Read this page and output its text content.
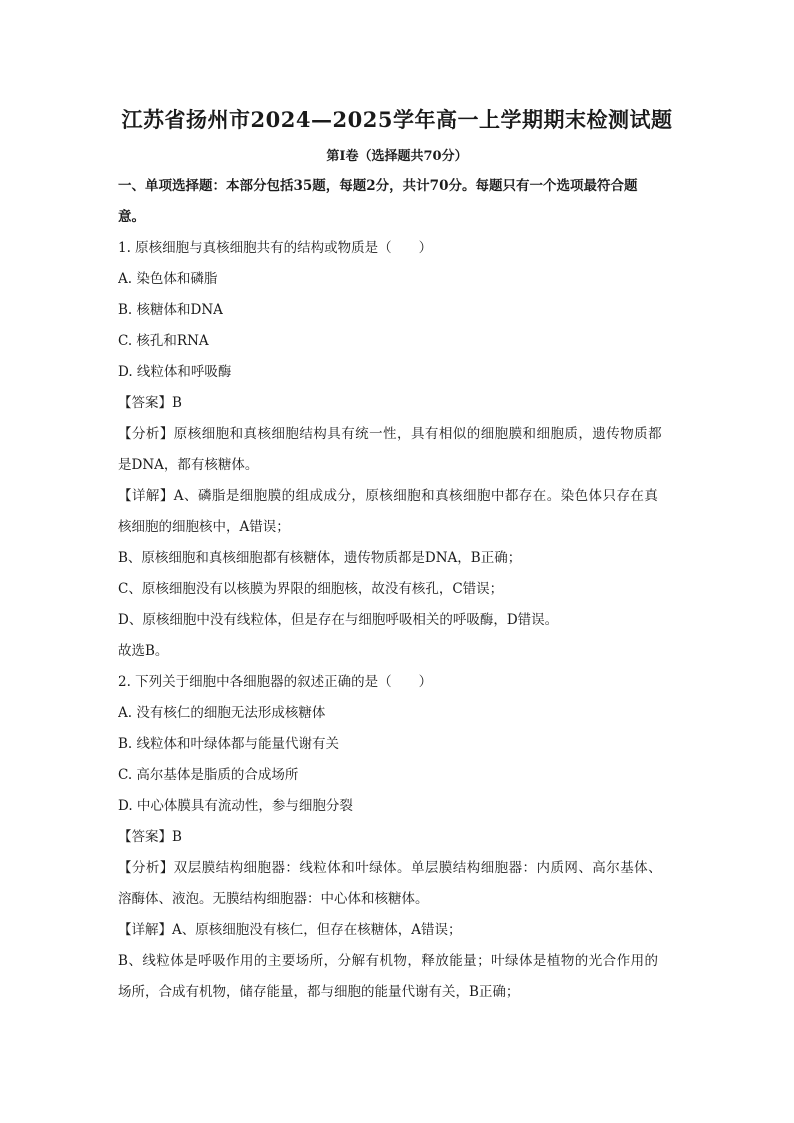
江苏省扬州市2024—2025学年高一上学期期末检测试题
第I卷（选择题共70分）
一、单项选择题：本部分包括35题，每题2分，共计70分。每题只有一个选项最符合题
意。
1. 原核细胞与真核细胞共有的结构或物质是（　　）
A. 染色体和磷脂
B. 核糖体和DNA
C. 核孔和RNA
D. 线粒体和呼吸酶
【答案】B
【分析】原核细胞和真核细胞结构具有统一性，具有相似的细胞膜和细胞质，遗传物质都
是DNA，都有核糖体。
【详解】A、磷脂是细胞膜的组成成分，原核细胞和真核细胞中都存在。染色体只存在真
核细胞的细胞核中，A错误；
B、原核细胞和真核细胞都有核糖体，遗传物质都是DNA，B正确；
C、原核细胞没有以核膜为界限的细胞核，故没有核孔，C错误；
D、原核细胞中没有线粒体，但是存在与细胞呼吸相关的呼吸酶，D错误。
故选B。
2. 下列关于细胞中各细胞器的叙述正确的是（　　）
A. 没有核仁的细胞无法形成核糖体
B. 线粒体和叶绿体都与能量代谢有关
C. 高尔基体是脂质的合成场所
D. 中心体膜具有流动性，参与细胞分裂
【答案】B
【分析】双层膜结构细胞器：线粒体和叶绿体。单层膜结构细胞器：内质网、高尔基体、
溶酶体、液泡。无膜结构细胞器：中心体和核糖体。
【详解】A、原核细胞没有核仁，但存在核糖体，A错误；
B、线粒体是呼吸作用的主要场所，分解有机物，释放能量；叶绿体是植物的光合作用的
场所，合成有机物，储存能量，都与细胞的能量代谢有关，B正确；
